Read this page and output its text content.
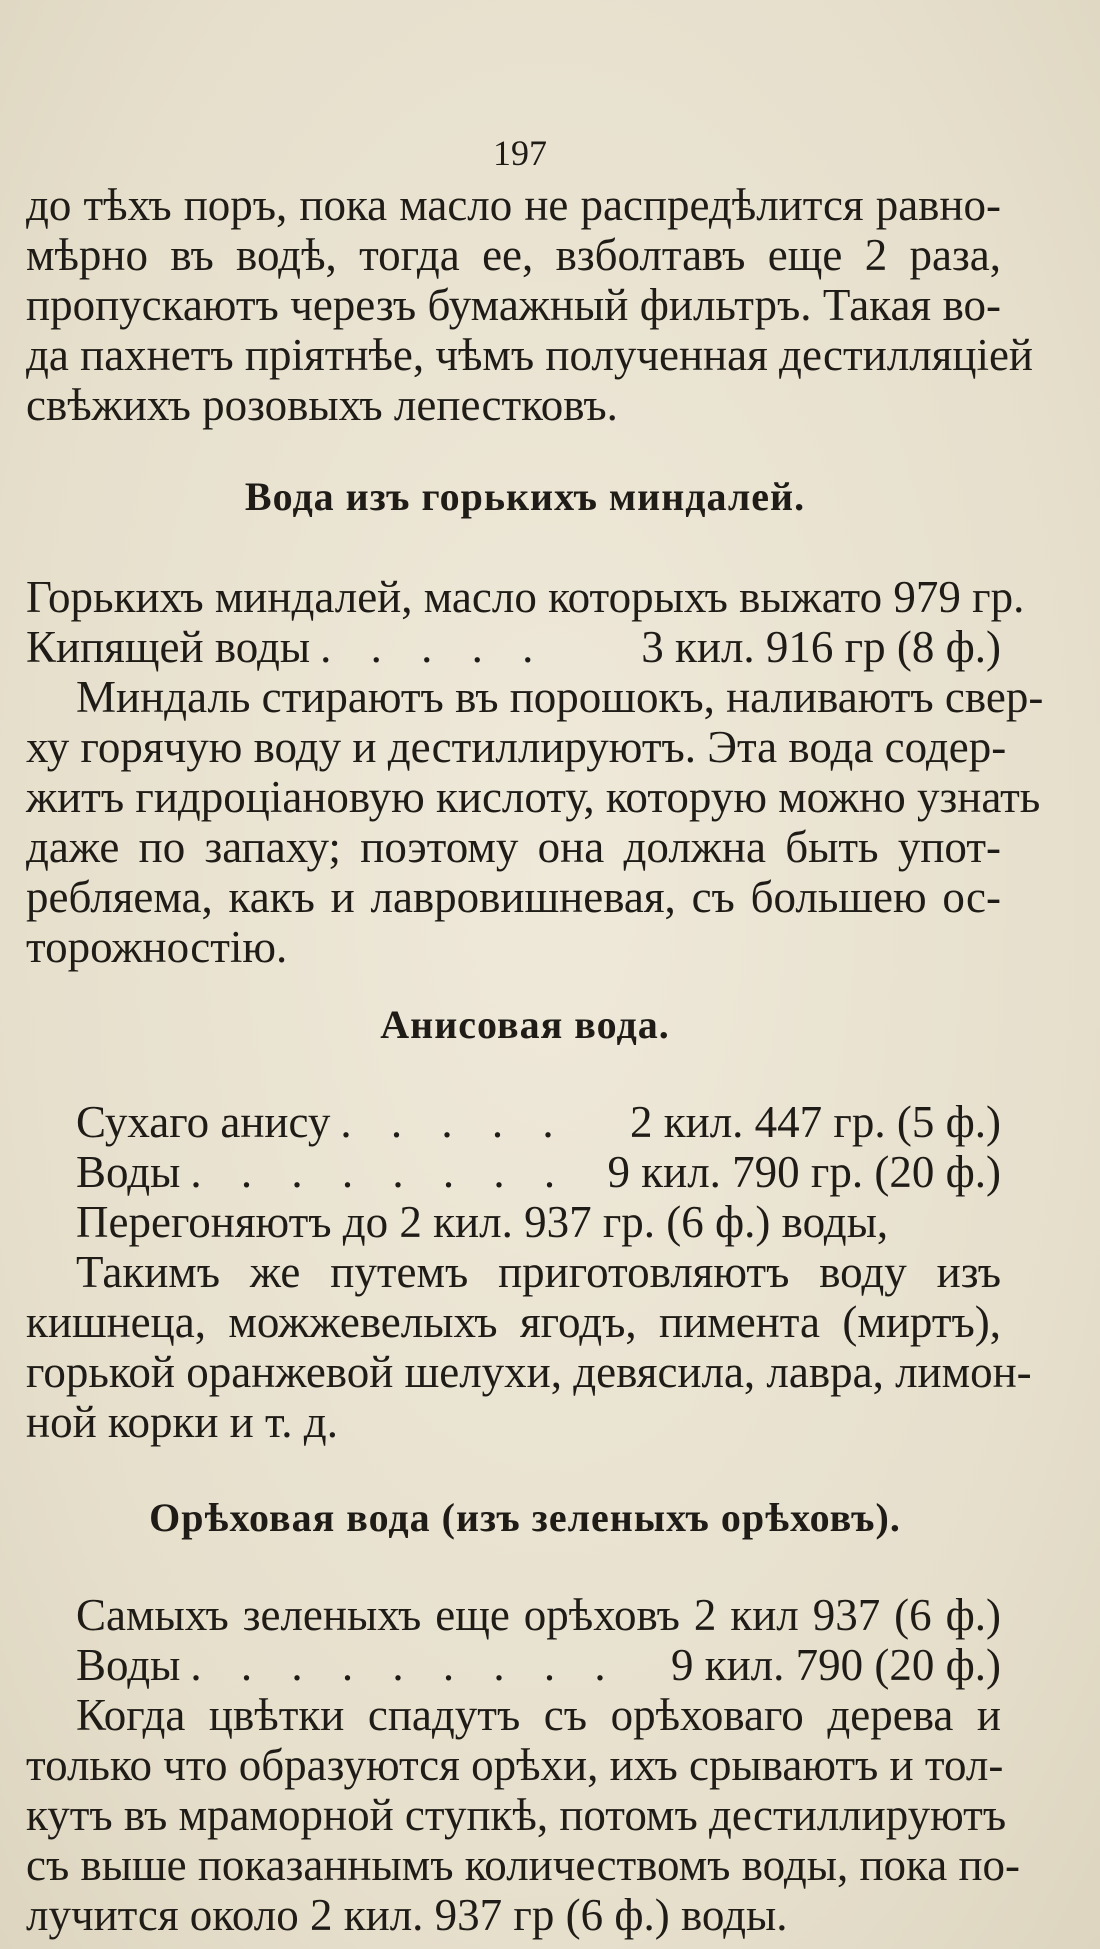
197
до тѣхъ поръ, пока масло не распредѣлится равно-
мѣрно въ водѣ, тогда ее, взболтавъ еще 2 раза,
пропускаютъ черезъ бумажный фильтръ. Такая во-
да пахнетъ пріятнѣе, чѣмъ полученная дестилляціей
свѣжихъ розовыхъ лепестковъ.
Вода изъ горькихъ миндалей.
Горькихъ миндалей, масло которыхъ выжато 979 гр.
Кипящей воды . . . . .	3 кил. 916 гр (8 ф.)
Миндаль стираютъ въ порошокъ, наливаютъ свер-
ху горячую воду и дестиллируютъ. Эта вода содер-
житъ гидроціановую кислоту, которую можно узнать
даже по запаху; поэтому она должна быть упот-
ребляема, какъ и лавровишневая, съ большею ос-
торожностію.
Анисовая вода.
Сухаго анису . . . . .	2 кил. 447 гр. (5 ф.)
Воды . . . . . . . . 9 кил. 790 гр. (20 ф.)
Перегоняютъ до 2 кил. 937 гр. (6 ф.) воды,
Такимъ же путемъ приготовляютъ воду изъ
кишнеца, можжевелыхъ ягодъ, пимента (миртъ),
горькой оранжевой шелухи, девясила, лавра, лимон-
ной корки и т. д.
Орѣховая вода (изъ зеленыхъ орѣховъ).
Самыхъ зеленыхъ еще орѣховъ 2 кил 937 (6 ф.)
Воды . . . . . . . . .	9 кил. 790 (20 ф.)
Когда цвѣтки спадутъ съ орѣховаго дерева и
только что образуются орѣхи, ихъ срываютъ и тол-
кутъ въ мраморной ступкѣ, потомъ дестиллируютъ
съ выше показаннымъ количествомъ воды, пока по-
лучится около 2 кил. 937 гр (6 ф.) воды.
